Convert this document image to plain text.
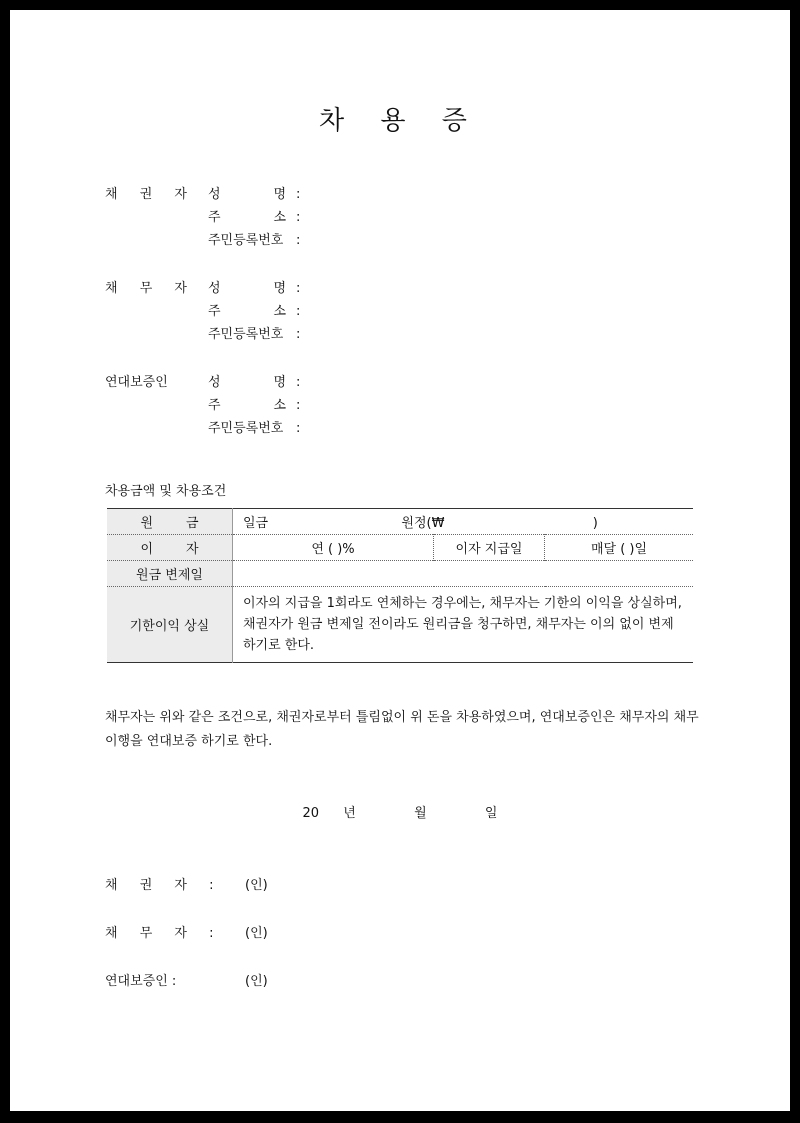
차 용 증
채 권 자 성	명 :
주	소 :
주민등록번호 :
채 무 자 성	명 :
주	소 :
주민등록번호 :
연대보증인	성	명 :
주	소 :
주민등록번호 :
차용금액 및 차용조건
원 금	일금 원정(₩ )		

이 자	연 ( )%	이자 지급일	매달 ( )일
원금 변제일			
기한이익 상실	이자의 지급을 1회라도 연체하는 경우에는, 채무자는 기한의 이익을 상실하며, 채권자가 원금 변제일 전이라도 원리금을 청구하면, 채무자는 이의 없이 변제하기로 한다.		
채무자는 위와 같은 조건으로, 채권자로부터 틀림없이 위 돈을 차용하였으며, 연대보증인은 채무자의 채무이행을 연대보증 하기로 한다.
20 년	월	일
채 권 자 : (인)
채 무 자 : (인)
연대보증인 :	(인)
